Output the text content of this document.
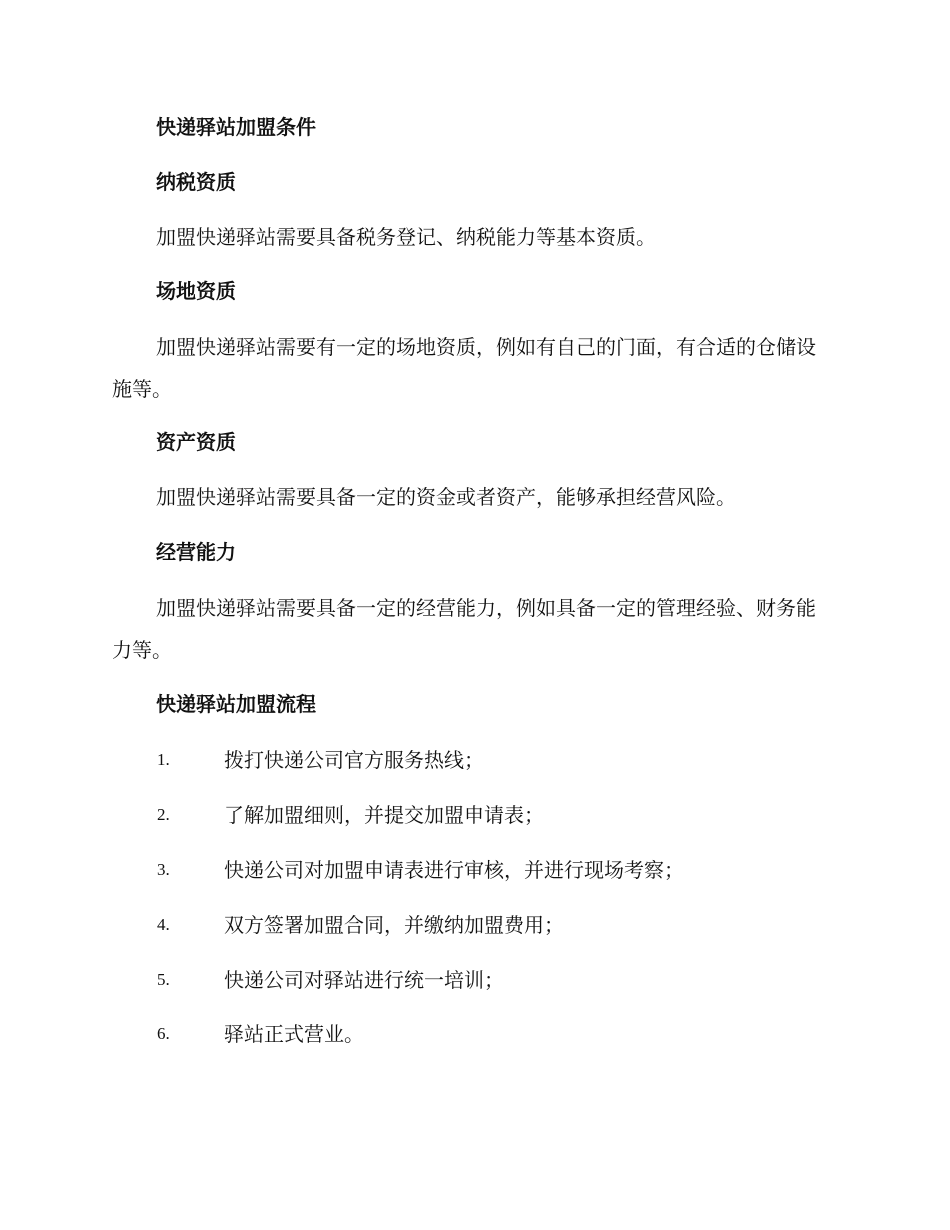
快递驿站加盟条件
纳税资质

加盟快递驿站需要具备税务登记、纳税能力等基本资质。

场地资质

加盟快递驿站需要有一定的场地资质，例如有自己的门面，有合适的仓储设施等。

资产资质

加盟快递驿站需要具备一定的资金或者资产，能够承担经营风险。

经营能力

加盟快递驿站需要具备一定的经营能力，例如具备一定的管理经验、财务能力等。

快递驿站加盟流程
1.	拨打快递公司官方服务热线；
2.	了解加盟细则，并提交加盟申请表；
3.	快递公司对加盟申请表进行审核，并进行现场考察；
4.	双方签署加盟合同，并缴纳加盟费用；
5.	快递公司对驿站进行统一培训；
6.	驿站正式营业。
